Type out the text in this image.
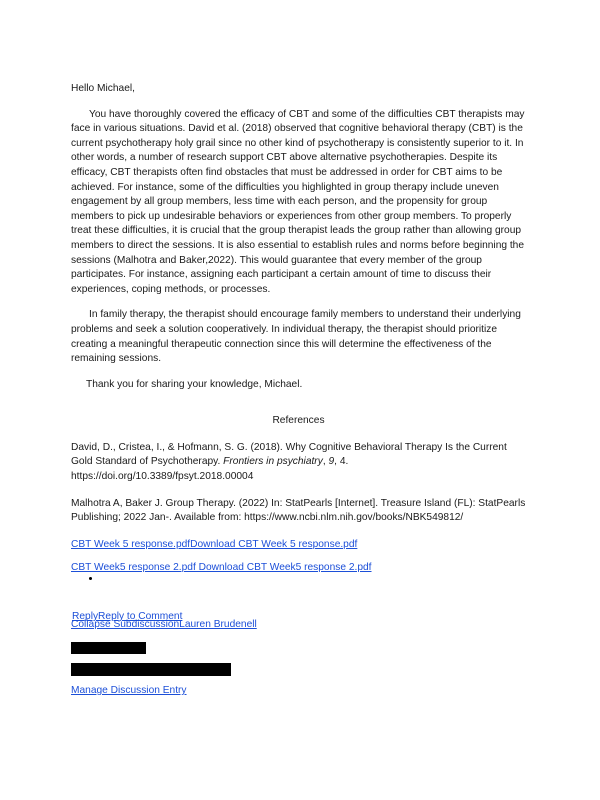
Hello Michael,

You have thoroughly covered the efficacy of CBT and some of the difficulties CBT therapists may face in various situations. David et al. (2018) observed that cognitive behavioral therapy (CBT) is the current psychotherapy holy grail since no other kind of psychotherapy is consistently superior to it. In other words, a number of research support CBT above alternative psychotherapies. Despite its efficacy, CBT therapists often find obstacles that must be addressed in order for CBT aims to be achieved. For instance, some of the difficulties you highlighted in group therapy include uneven engagement by all group members, less time with each person, and the propensity for group members to pick up undesirable behaviors or experiences from other group members. To properly treat these difficulties, it is crucial that the group therapist leads the group rather than allowing group members to direct the sessions. It is also essential to establish rules and norms before beginning the sessions (Malhotra and Baker,2022). This would guarantee that every member of the group participates. For instance, assigning each participant a certain amount of time to discuss their experiences, coping methods, or processes.

In family therapy, the therapist should encourage family members to understand their underlying problems and seek a solution cooperatively. In individual therapy, the therapist should prioritize creating a meaningful therapeutic connection since this will determine the effectiveness of the remaining sessions.

Thank you for sharing your knowledge, Michael.

References

David, D., Cristea, I., & Hofmann, S. G. (2018). Why Cognitive Behavioral Therapy Is the Current Gold Standard of Psychotherapy. Frontiers in psychiatry, 9, 4. https://doi.org/10.3389/fpsyt.2018.00004

Malhotra A, Baker J. Group Therapy. (2022) In: StatPearls [Internet]. Treasure Island (FL): StatPearls Publishing; 2022 Jan-. Available from: https://www.ncbi.nlm.nih.gov/books/NBK549812/

CBT Week 5 response.pdfDownload CBT Week 5 response.pdf
CBT Week5 response 2.pdf Download CBT Week5 response 2.pdf
ReplyReply to Comment
Collapse SubdiscussionLauren Brudenell
Manage Discussion Entry
